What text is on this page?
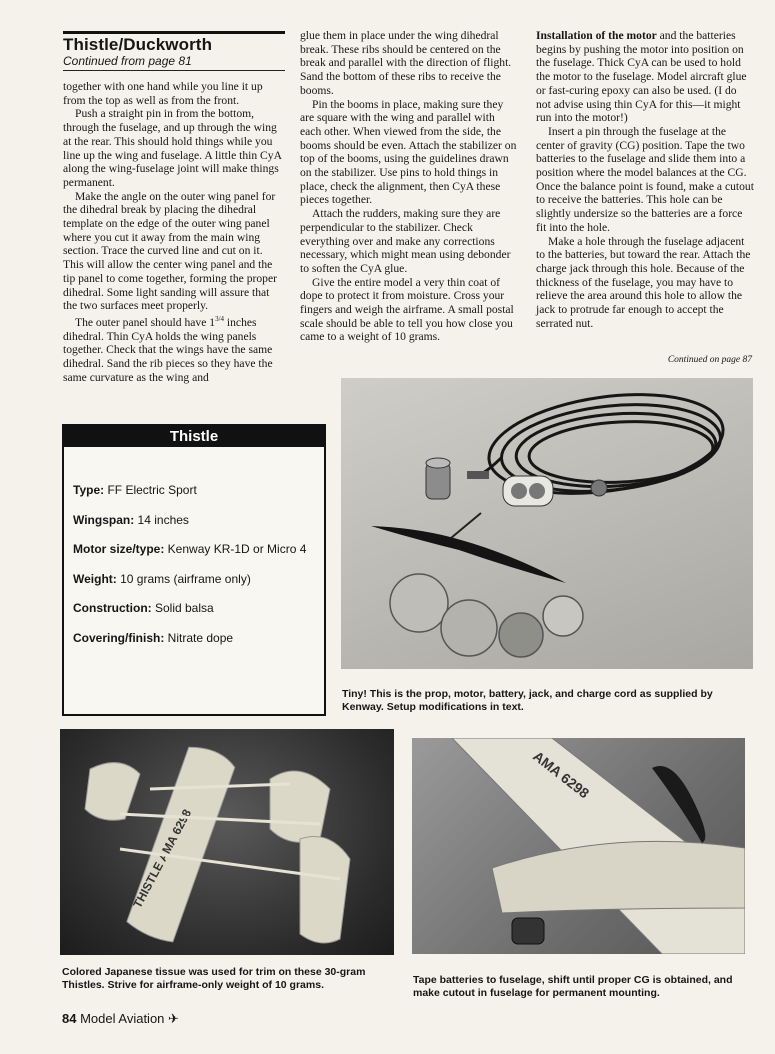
Thistle/Duckworth
Continued from page 81

together with one hand while you line it up from the top as well as from the front.

Push a straight pin in from the bottom, through the fuselage, and up through the wing at the rear. This should hold things while you line up the wing and fuselage. A little thin CyA along the wing-fuselage joint will make things permanent.

Make the angle on the outer wing panel for the dihedral break by placing the dihedral template on the edge of the outer wing panel where you cut it away from the main wing section. Trace the curved line and cut on it. This will allow the center wing panel and the tip panel to come together, forming the proper dihedral. Some light sanding will assure that the two surfaces meet properly.

The outer panel should have $1^{3/4}$ inches dihedral. Thin CyA holds the wing panels together. Check that the wings have the same dihedral. Sand the rib pieces so they have the same curvature as the wing and

glue them in place under the wing dihedral break. These ribs should be centered on the break and parallel with the direction of flight. Sand the bottom of these ribs to receive the booms.

Pin the booms in place, making sure they are square with the wing and parallel with each other. When viewed from the side, the booms should be even. Attach the stabilizer on top of the booms, using the guidelines drawn on the stabilizer. Use pins to hold things in place, check the alignment, then CyA these pieces together.

Attach the rudders, making sure they are perpendicular to the stabilizer. Check everything over and make any corrections necessary, which might mean using debonder to soften the CyA glue.

Give the entire model a very thin coat of dope to protect it from moisture. Cross your fingers and weigh the airframe. A small postal scale should be able to tell you how close you came to a weight of 10 grams.

Installation of the motor and the batteries begins by pushing the motor into position on the fuselage. Thick CyA can be used to hold the motor to the fuselage. Model aircraft glue or fast-curing epoxy can also be used. (I do not advise using thin CyA for this—it might run into the motor!)

Insert a pin through the fuselage at the center of gravity (CG) position. Tape the two batteries to the fuselage and slide them into a position where the model balances at the CG. Once the balance point is found, make a cutout to receive the batteries. This hole can be slightly undersize so the batteries are a force fit into the hole.

Make a hole through the fuselage adjacent to the batteries, but toward the rear. Attach the charge jack through this hole. Because of the thickness of the fuselage, you may have to relieve the area around this hole to allow the jack to protrude far enough to accept the serrated nut.

Continued on page 87
Thistle
Type: FF Electric Sport
Wingspan: 14 inches
Motor size/type: Kenway KR-1D or Micro 4
Weight: 10 grams (airframe only)
Construction: Solid balsa
Covering/finish: Nitrate dope
Tiny! This is the prop, motor, battery, jack, and charge cord as supplied by Kenway. Setup modifications in text.
THISTLE AMA 6298
Colored Japanese tissue was used for trim on these 30-gram Thistles. Strive for airframe-only weight of 10 grams.
AMA 6298
Tape batteries to fuselage, shift until proper CG is obtained, and make cutout in fuselage for permanent mounting.
84 Model Aviation ✈
